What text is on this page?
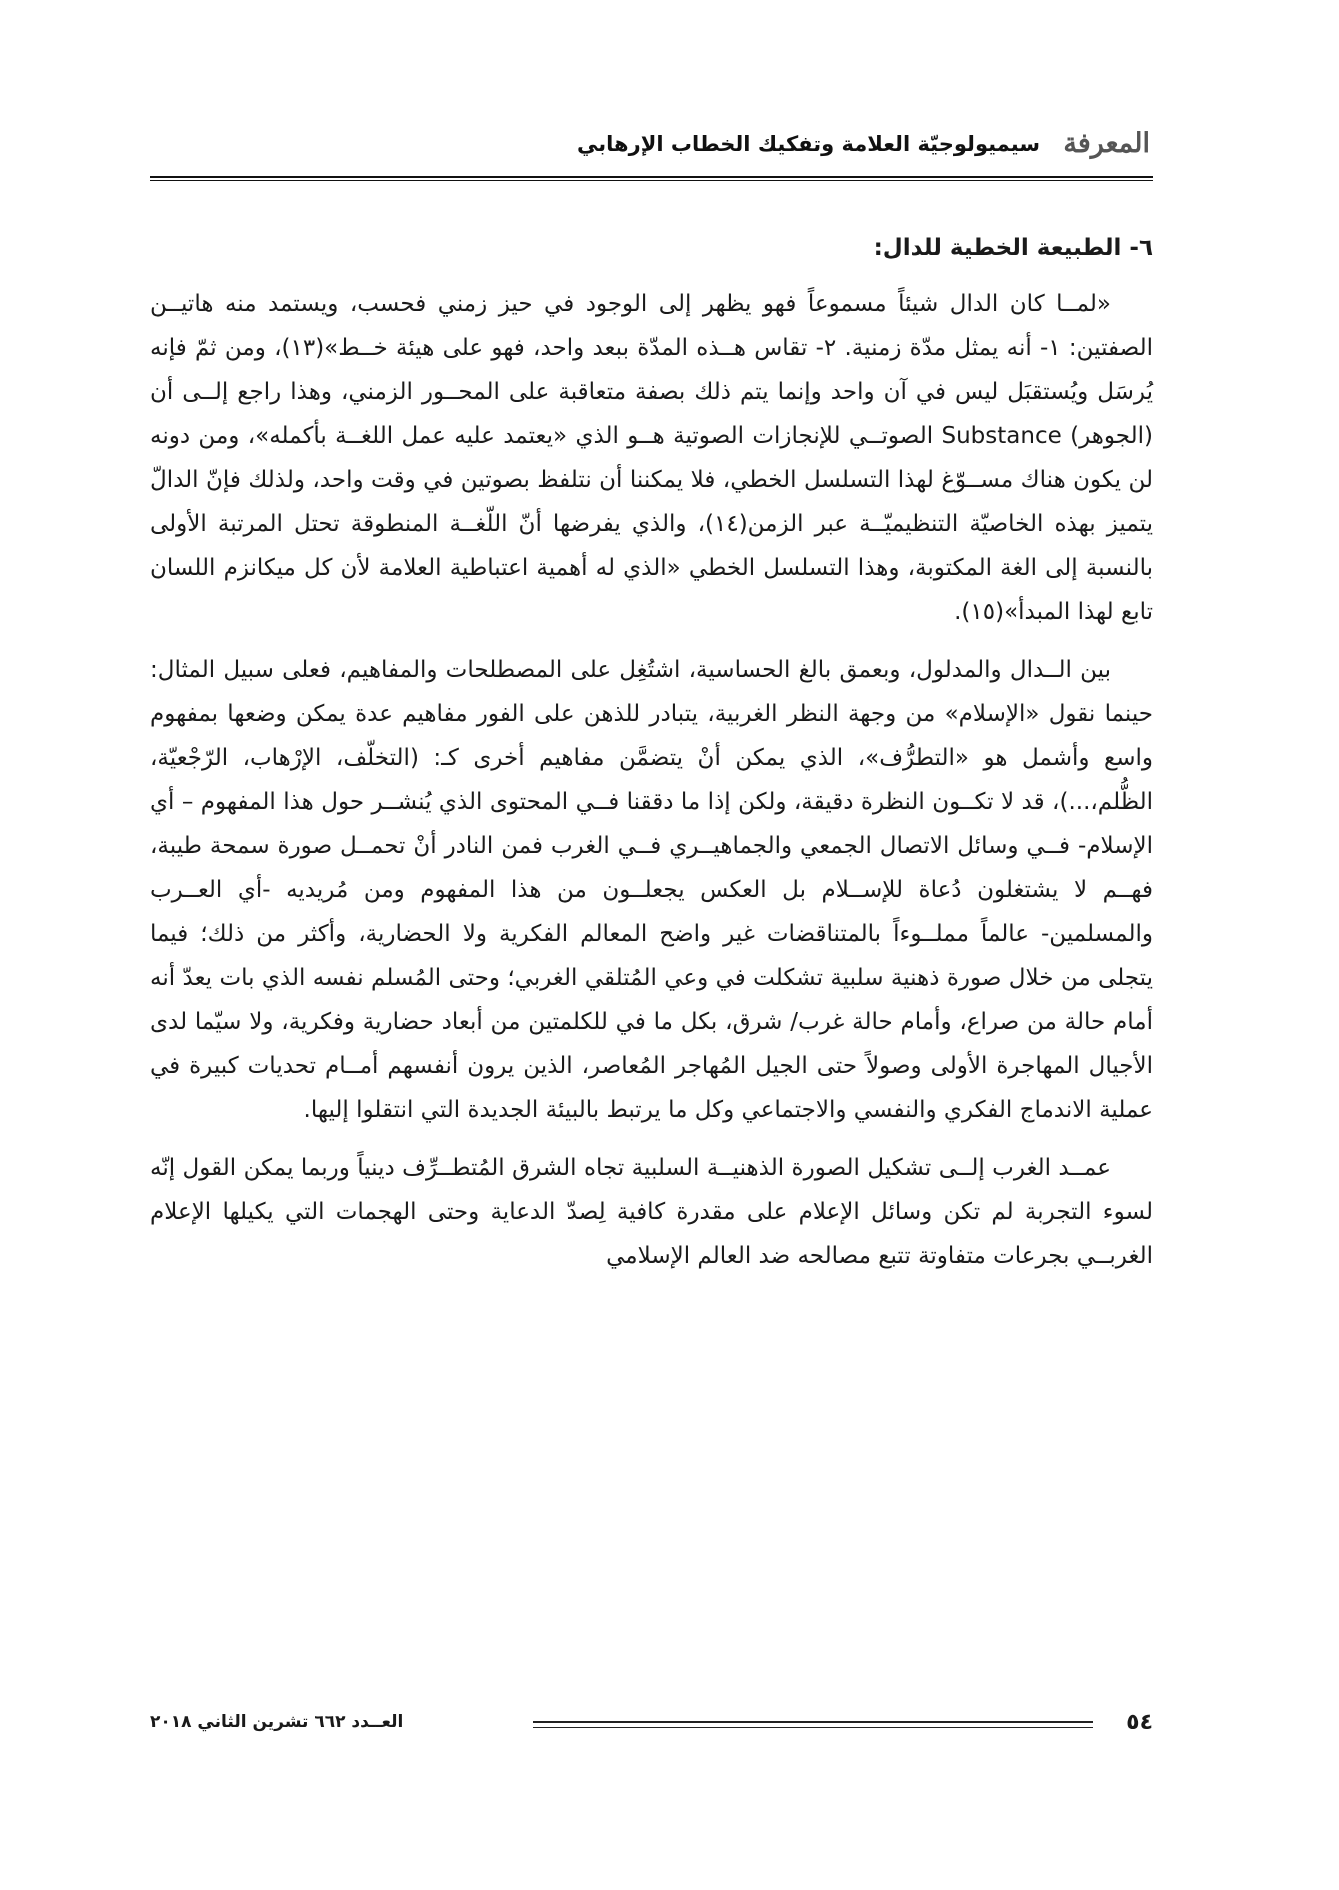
المعرفة
سيميولوجيّة العلامة وتفكيك الخطاب الإرهابي
٦- الطبيعة الخطية للدال:

«لمــا كان الدال شيئاً مسموعاً فهو يظهر إلى الوجود في حيز زمني فحسب، ويستمد منه هاتيــن الصفتين: ١- أنه يمثل مدّة زمنية. ٢- تقاس هــذه المدّة ببعد واحد، فهو على هيئة خــط»(١٣)، ومن ثمّ فإنه يُرسَل ويُستقبَل ليس في آن واحد وإنما يتم ذلك بصفة متعاقبة على المحــور الزمني، وهذا راجع إلــى أن (الجوهر) Substance الصوتــي للإنجازات الصوتية هــو الذي «يعتمد عليه عمل اللغــة بأكمله»، ومن دونه لن يكون هناك مســوّغ لهذا التسلسل الخطي، فلا يمكننا أن نتلفظ بصوتين في وقت واحد، ولذلك فإنّ الدالّ يتميز بهذه الخاصيّة التنظيميّــة عبر الزمن(١٤)، والذي يفرضها أنّ اللّغــة المنطوقة تحتل المرتبة الأولى بالنسبة إلى الغة المكتوبة، وهذا التسلسل الخطي «الذي له أهمية اعتباطية العلامة لأن كل ميكانزم اللسان تابع لهذا المبدأ»(١٥).

بين الــدال والمدلول، وبعمق بالغ الحساسية، اشتُغِل على المصطلحات والمفاهيم، فعلى سبيل المثال: حينما نقول «الإسلام» من وجهة النظر الغربية، يتبادر للذهن على الفور مفاهيم عدة يمكن وضعها بمفهوم واسع وأشمل هو «التطرُّف»، الذي يمكن أنْ يتضمَّن مفاهيم أخرى كـ: (التخلّف، الإرْهاب، الرّجْعيّة، الظُّلم،...)، قد لا تكــون النظرة دقيقة، ولكن إذا ما دققنا فــي المحتوى الذي يُنشــر حول هذا المفهوم – أي الإسلام- فــي وسائل الاتصال الجمعي والجماهيــري فــي الغرب فمن النادر أنْ تحمــل صورة سمحة طيبة، فهــم لا يشتغلون دُعاة للإســلام بل العكس يجعلــون من هذا المفهوم ومن مُريديه -أي العــرب والمسلمين- عالماً مملــوءاً بالمتناقضات غير واضح المعالم الفكرية ولا الحضارية، وأكثر من ذلك؛ فيما يتجلى من خلال صورة ذهنية سلبية تشكلت في وعي المُتلقي الغربي؛ وحتى المُسلم نفسه الذي بات يعدّ أنه أمام حالة من صراع، وأمام حالة غرب/ شرق، بكل ما في للكلمتين من أبعاد حضارية وفكرية، ولا سيّما لدى الأجيال المهاجرة الأولى وصولاً حتى الجيل المُهاجر المُعاصر، الذين يرون أنفسهم أمــام تحديات كبيرة في عملية الاندماج الفكري والنفسي والاجتماعي وكل ما يرتبط بالبيئة الجديدة التي انتقلوا إليها.

عمــد الغرب إلــى تشكيل الصورة الذهنيــة السلبية تجاه الشرق المُتطــرِّف دينياً وربما يمكن القول إنّه لسوء التجربة لم تكن وسائل الإعلام على مقدرة كافية لِصدّ الدعاية وحتى الهجمات التي يكيلها الإعلام الغربــي بجرعات متفاوتة تتبع مصالحه ضد العالم الإسلامي

٥٤
العــدد ٦٦٢ تشرين الثاني ٢٠١٨
